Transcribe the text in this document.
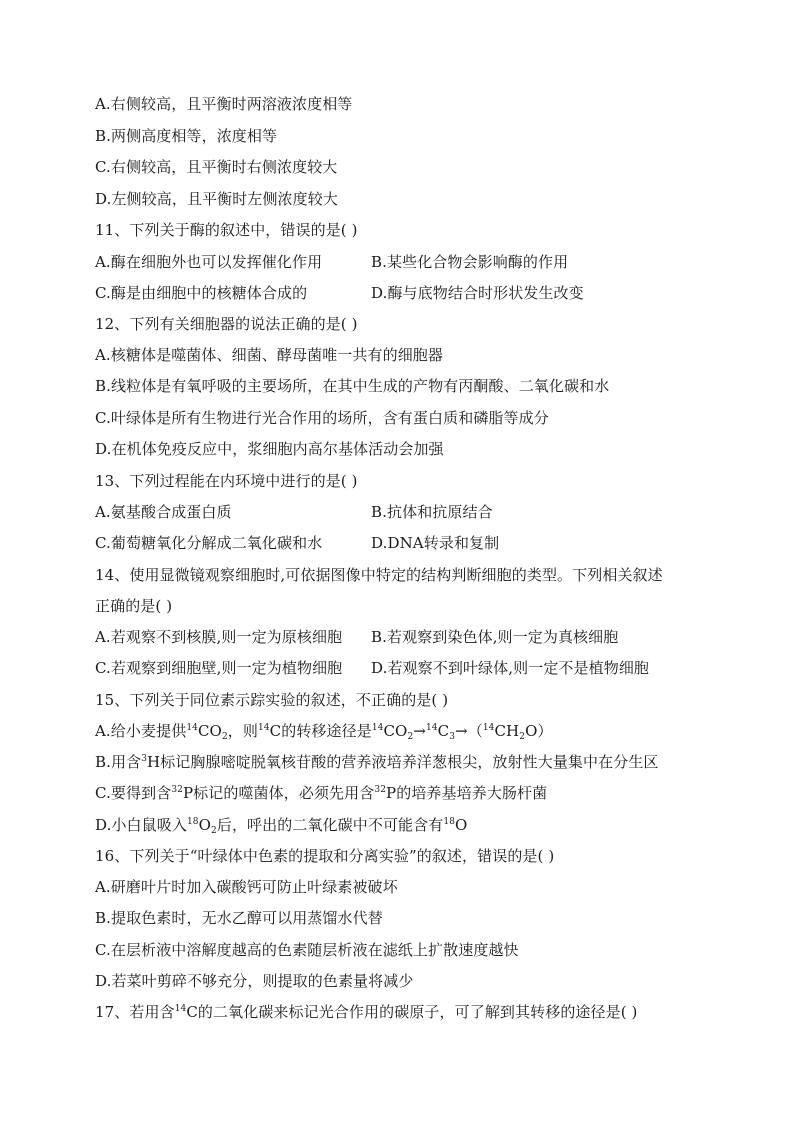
A.右侧较高，且平衡时两溶液浓度相等
B.两侧高度相等，浓度相等
C.右侧较高，且平衡时右侧浓度较大
D.左侧较高，且平衡时左侧浓度较大
11、下列关于酶的叙述中，错误的是( )
A.酶在细胞外也可以发挥催化作用	B.某些化合物会影响酶的作用
C.酶是由细胞中的核糖体合成的	D.酶与底物结合时形状发生改变
12、下列有关细胞器的说法正确的是( )
A.核糖体是噬菌体、细菌、酵母菌唯一共有的细胞器
B.线粒体是有氧呼吸的主要场所，在其中生成的产物有丙酮酸、二氧化碳和水
C.叶绿体是所有生物进行光合作用的场所，含有蛋白质和磷脂等成分
D.在机体免疫反应中，浆细胞内高尔基体活动会加强
13、下列过程能在内环境中进行的是( )
A.氨基酸合成蛋白质	B.抗体和抗原结合
C.葡萄糖氧化分解成二氧化碳和水	D.DNA转录和复制
14、使用显微镜观察细胞时,可依据图像中特定的结构判断细胞的类型。下列相关叙述
正确的是( )
A.若观察不到核膜,则一定为原核细胞 B.若观察到染色体,则一定为真核细胞
C.若观察到细胞壁,则一定为植物细胞 D.若观察不到叶绿体,则一定不是植物细胞
15、下列关于同位素示踪实验的叙述，不正确的是( )
A.给小麦提供$^{14}CO_2$，则$^{14}$C的转移途径是$^{14}CO_2\to^{14}C_3\to(^{14}CH_2O)$
B.用含$^3$H标记胸腺嘧啶脱氧核苷酸的营养液培养洋葱根尖，放射性大量集中在分生区
C.要得到含$^{32}$P标记的噬菌体，必须先用含$^{32}$P的培养基培养大肠杆菌
D.小白鼠吸入$^{18}O_2$后，呼出的二氧化碳中不可能含有$^{18}$O
16、下列关于“叶绿体中色素的提取和分离实验”的叙述，错误的是( )
A.研磨叶片时加入碳酸钙可防止叶绿素被破坏
B.提取色素时，无水乙醇可以用蒸馏水代替
C.在层析液中溶解度越高的色素随层析液在滤纸上扩散速度越快
D.若菜叶剪碎不够充分，则提取的色素量将减少
17、若用含$^{14}$C的二氧化碳来标记光合作用的碳原子，可了解到其转移的途径是( )
